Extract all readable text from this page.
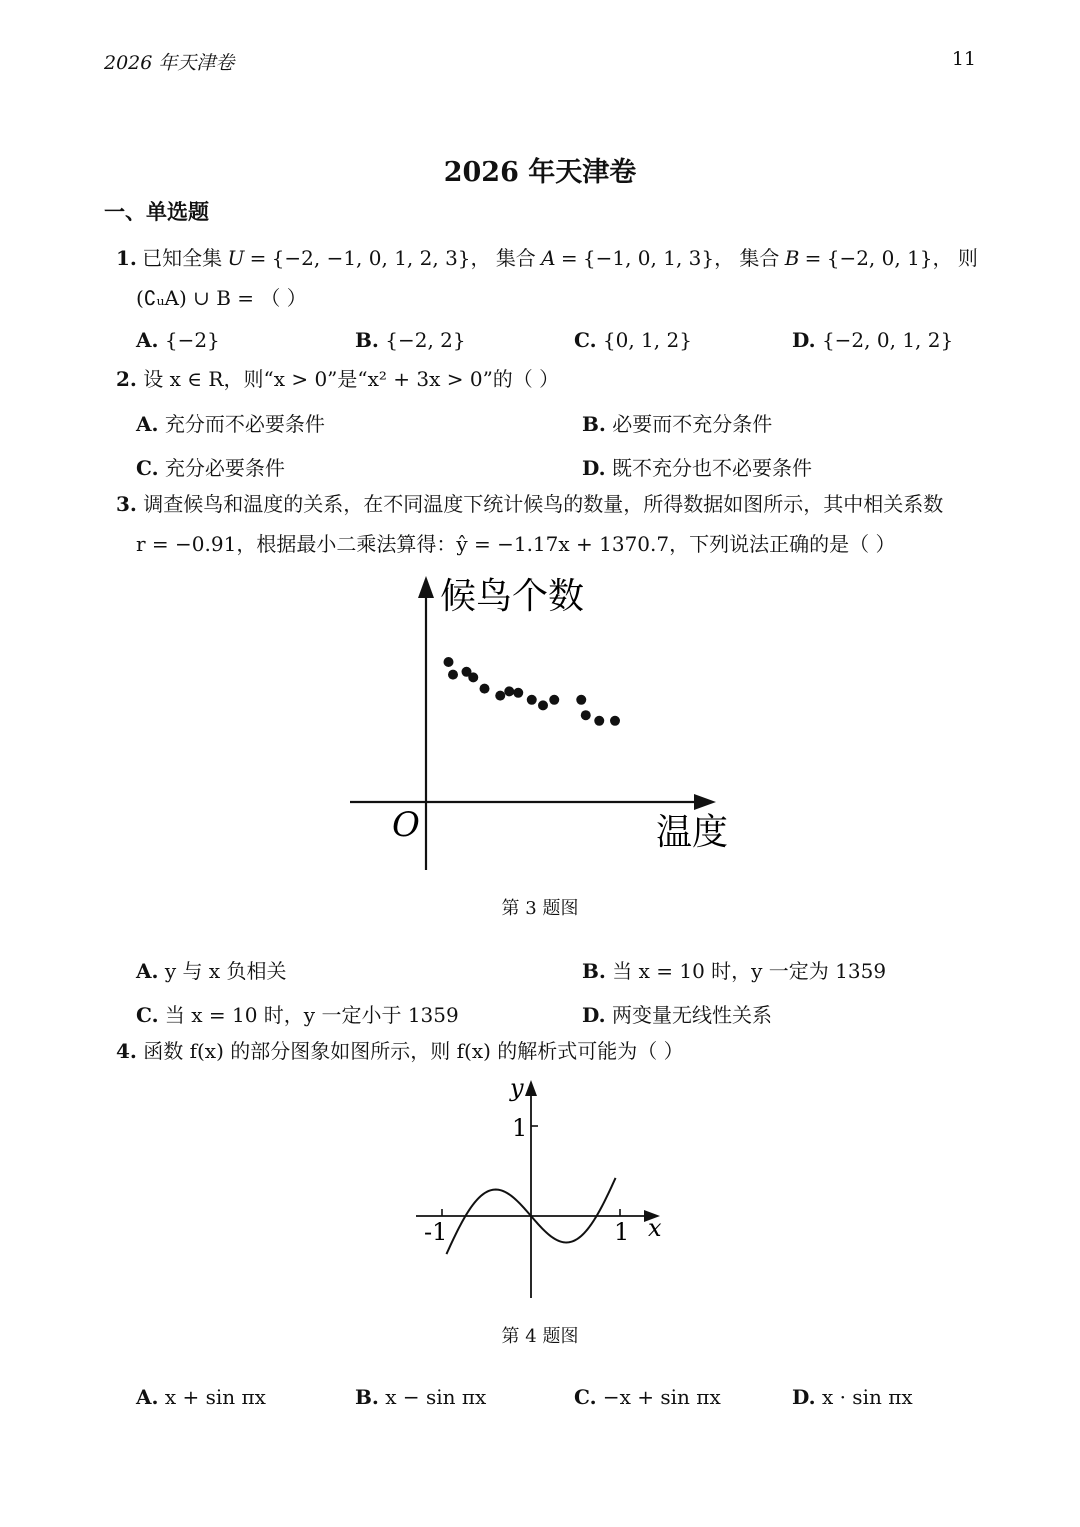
2026 年天津卷	11
2026 年天津卷
一、单选题
1. 已知全集 U = {−2, −1, 0, 1, 2, 3}， 集合 A = {−1, 0, 1, 3}， 集合 B = {−2, 0, 1}， 则
(∁ᵤA) ∪ B = （ ）
A. {−2}	B. {−2, 2}	C. {0, 1, 2}	D. {−2, 0, 1, 2}
2. 设 x ∈ R，则“x > 0”是“x² + 3x > 0”的（ ）
A. 充分而不必要条件	B. 必要而不充分条件
C. 充分必要条件	D. 既不充分也不必要条件
3. 调查候鸟和温度的关系，在不同温度下统计候鸟的数量，所得数据如图所示，其中相关系数
r = −0.91，根据最小二乘法算得：ŷ = −1.17x + 1370.7，下列说法正确的是（ ）
候鸟个数
温度
O
第 3 题图
A. y 与 x 负相关	B. 当 x = 10 时，y 一定为 1359
C. 当 x = 10 时，y 一定小于 1359	D. 两变量无线性关系
4. 函数 f(x) 的部分图象如图所示，则 f(x) 的解析式可能为（ ）
y
x
1
-1	1
第 4 题图
A. x + sin πx	B. x − sin πx	C. −x + sin πx	D. x · sin πx
